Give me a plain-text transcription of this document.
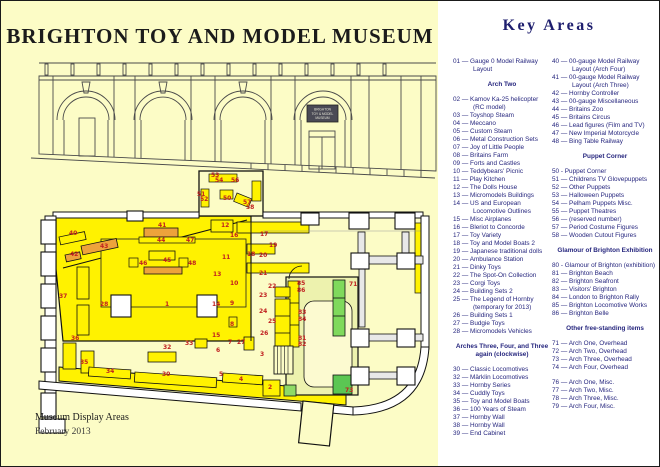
BRIGHTON TOY AND MODEL MUSEUM
BRIGHTON
TOY & MODEL
MUSEUM
40
42
43
41
44	47
46	45	48
37
28	1	14
13
11
15
36
35
34	30
32
33
6
5
53
54 56
51
52 50
57
58
12
16	17
19
18 20
21
22
23
24
25
26
27
3
4
2
10
9
8
7
85
86
83
84
81
82
71
73
Museum Display Areas
February 2013
Key Areas
01 — Gauge 0 Model Railway Layout
Arch Two
02 — Kamov Ka-25 helicopter (RC model)
03 — Toyshop Steam
04 — Meccano
05 — Custom Steam
06 — Metal Construction Sets
07 — Joy of Little People
08 — Britains Farm
09 — Forts and Castles
10 — Teddybears' Picnic
11 — Play Kitchen
12 — The Dolls House
13 — Micromodels Buildings
14 — US and European Locomotive Outlines
15 — Misc Airplanes
16 — Bleriot to Concorde
17 — Toy Variety
18 — Toy and Model Boats 2
19 — Japanese traditional dolls
20 — Ambulance Station
21 — Dinky Toys
22 — The Spot-On Collection
23 — Corgi Toys
24 — Building Sets 2
25 — The Legend of Hornby (temporary for 2013)
26 — Building Sets 1
27 — Budgie Toys
28 — Micromodels Vehicles
Arches Three, Four, and Three again (clockwise)
30 — Classic Locomotives
32 — Märklin Locomotives
33 — Hornby Series
34 — Cuddly Toys
35 — Toy and Model Boats
36 — 100 Years of Steam
37 — Hornby Wall
38 — Hornby Wall
39 — End Cabinet
40 — 00-gauge Model Railway Layout (Arch Four)
41 — 00-gauge Model Railway Layout (Arch Three)
42 — Hornby Controller
43 — 00-gauge Miscellaneous
44 — Britains Zoo
45 — Britains Circus
46 — Lead figures (Film and TV)
47 — New Imperial Motorcycle
48 — Bing Table Railway
Puppet Corner
50 - Puppet Corner
51 — Childrens TV Glovepuppets
52 — Other Puppets
53 — Halloween Puppets
54 — Pelham Puppets Misc.
55 — Puppet Theatres
56 — (reserved number)
57 — Period Costume Figures
58 — Wooden Cutout Figures
Glamour of Brighton Exhibition
80 - Glamour of Brighton (exhibition)
81 — Brighton Beach
82 — Brighton Seafront
83 — Visitors' Brighton
84 — London to Brighton Rally
85 — Brighton Locomotive Works
86 — Brighton Belle
Other free-standing items
71 — Arch One, Overhead
72 — Arch Two, Overhead
73 — Arch Three, Overhead
74 — Arch Four, Overhead
76 — Arch One, Misc.
77 — Arch Two, Misc.
78 — Arch Three, Misc.
79 — Arch Four, Misc.
